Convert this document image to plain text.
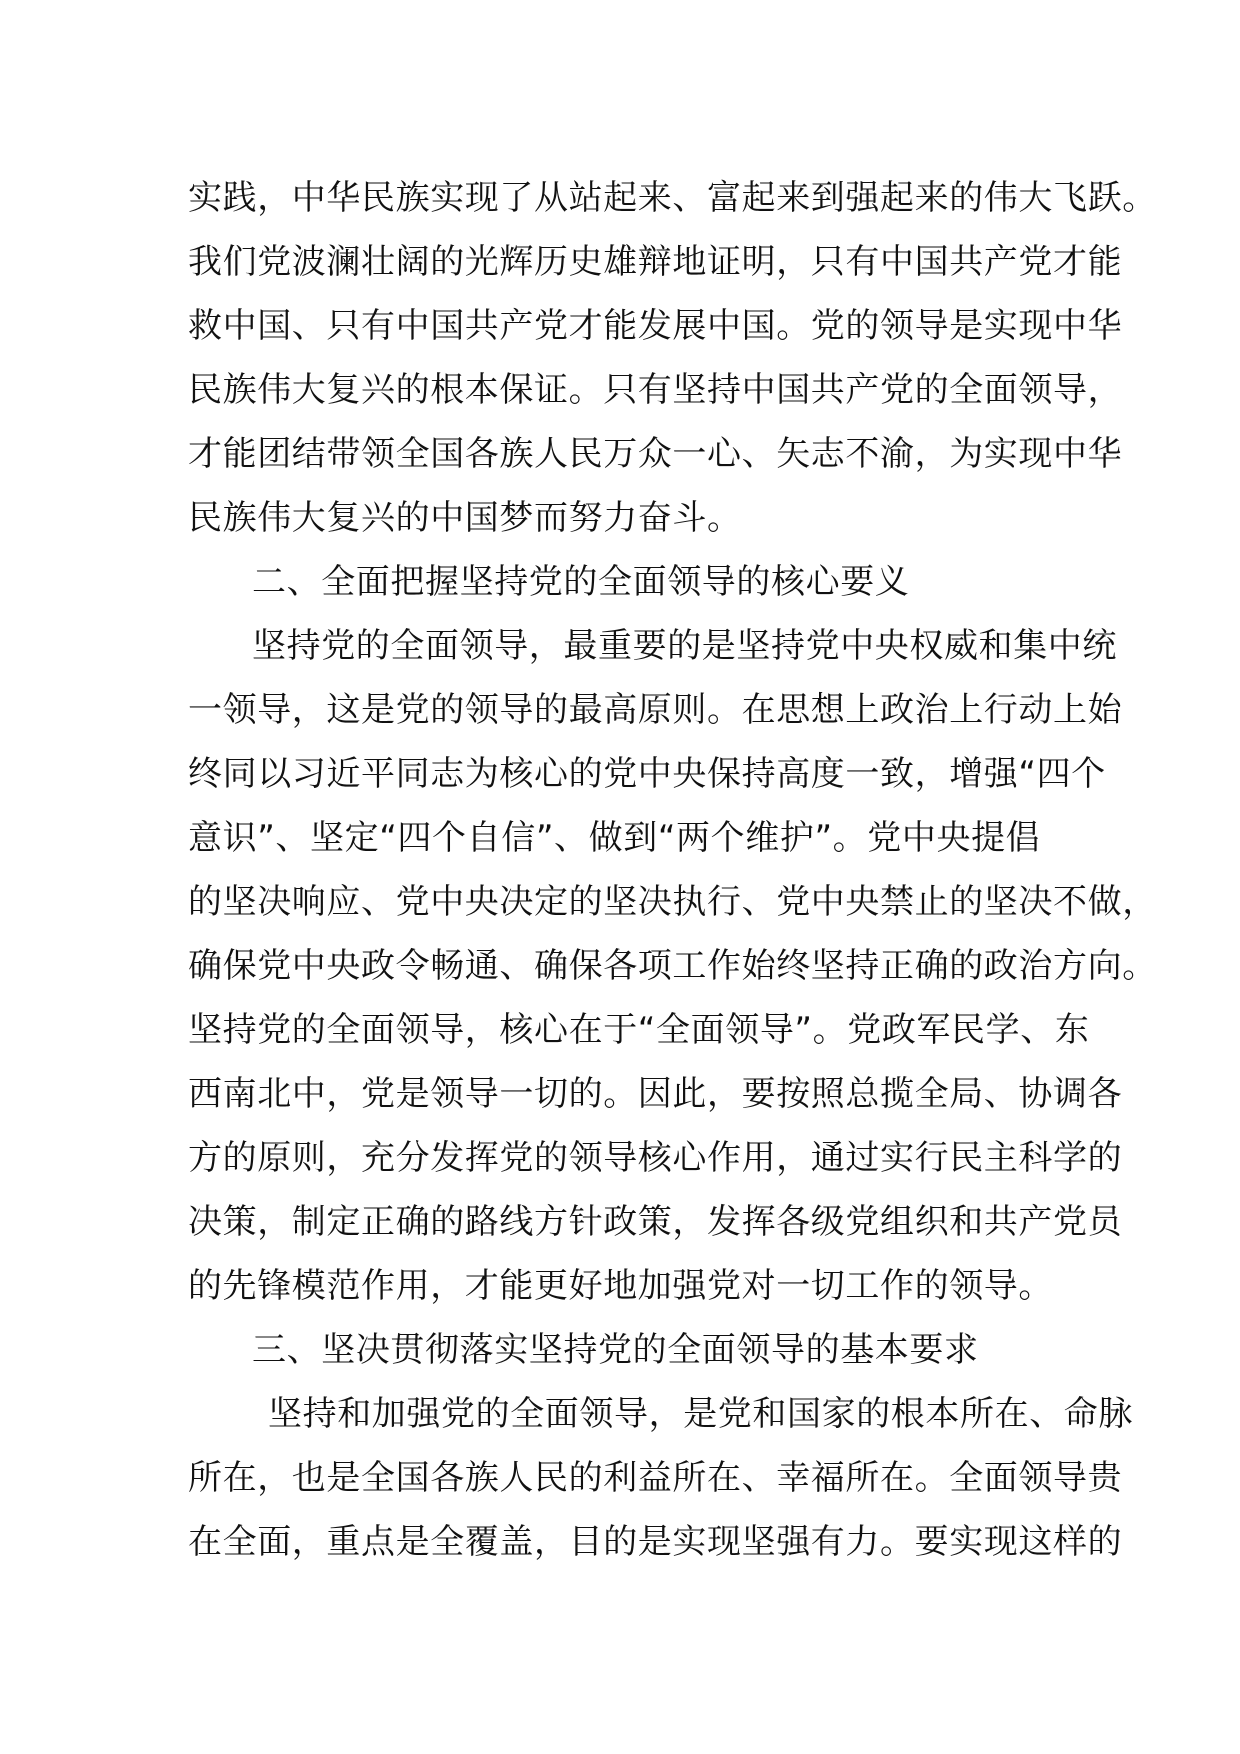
实践，中华民族实现了从站起来、富起来到强起来的伟大飞跃。

我们党波澜壮阔的光辉历史雄辩地证明，只有中国共产党才能

救中国、只有中国共产党才能发展中国。党的领导是实现中华

民族伟大复兴的根本保证。只有坚持中国共产党的全面领导，

才能团结带领全国各族人民万众一心、矢志不渝，为实现中华

民族伟大复兴的中国梦而努力奋斗。

二、全面把握坚持党的全面领导的核心要义

坚持党的全面领导，最重要的是坚持党中央权威和集中统

一领导，这是党的领导的最高原则。在思想上政治上行动上始

终同以习近平同志为核心的党中央保持高度一致，增强“四个

意识”、坚定“四个自信”、做到“两个维护”。党中央提倡

的坚决响应、党中央决定的坚决执行、党中央禁止的坚决不做，

确保党中央政令畅通、确保各项工作始终坚持正确的政治方向。

坚持党的全面领导，核心在于“全面领导”。党政军民学、东

西南北中，党是领导一切的。因此，要按照总揽全局、协调各

方的原则，充分发挥党的领导核心作用，通过实行民主科学的

决策，制定正确的路线方针政策，发挥各级党组织和共产党员

的先锋模范作用，才能更好地加强党对一切工作的领导。

三、坚决贯彻落实坚持党的全面领导的基本要求

坚持和加强党的全面领导，是党和国家的根本所在、命脉

所在，也是全国各族人民的利益所在、幸福所在。全面领导贵

在全面，重点是全覆盖，目的是实现坚强有力。要实现这样的
